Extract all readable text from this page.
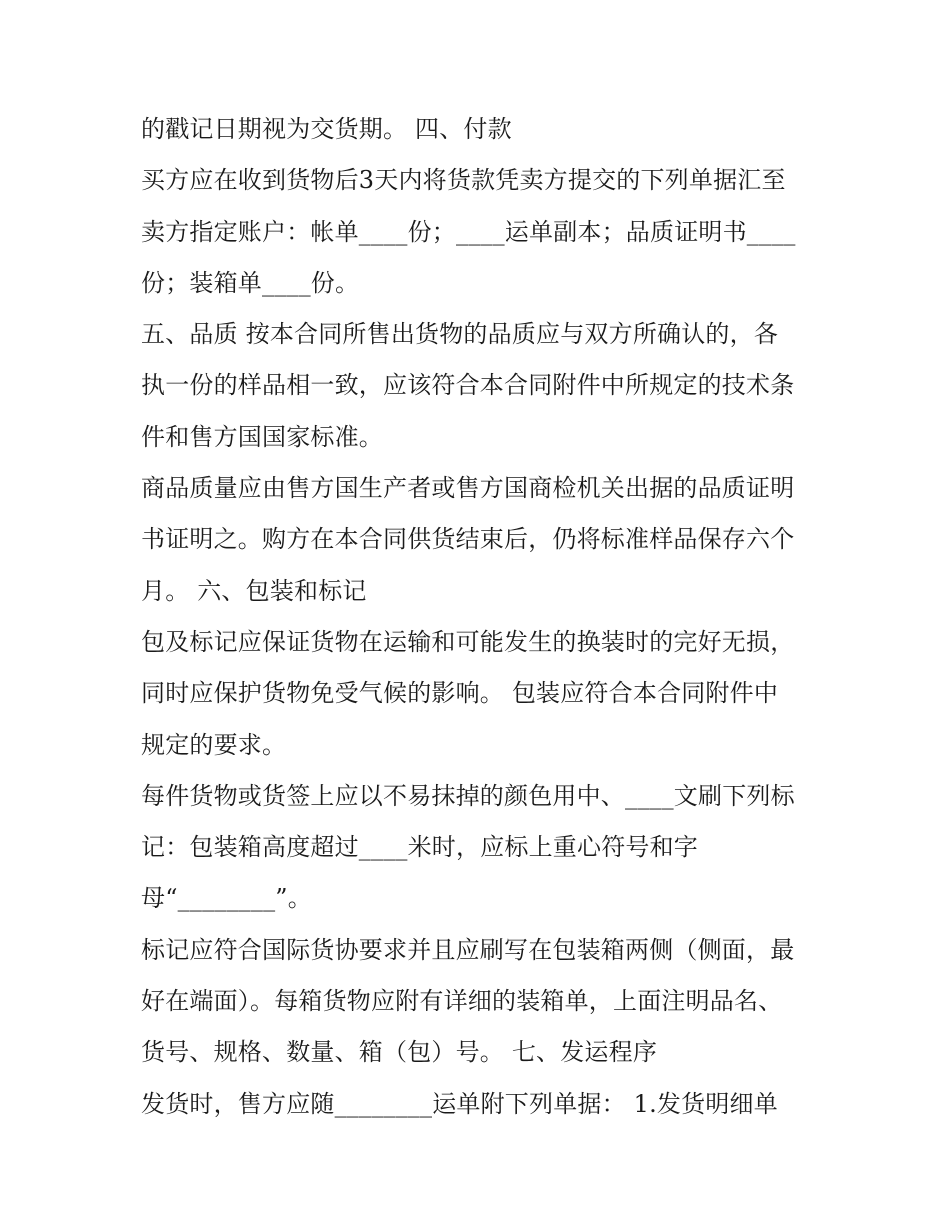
的戳记日期视为交货期。 四、付款
买方应在收到货物后3天内将货款凭卖方提交的下列单据汇至
卖方指定账户：帐单____份；____运单副本；品质证明书____
份；装箱单____份。
五、品质 按本合同所售出货物的品质应与双方所确认的，各
执一份的样品相一致，应该符合本合同附件中所规定的技术条
件和售方国国家标准。
商品质量应由售方国生产者或售方国商检机关出据的品质证明
书证明之。购方在本合同供货结束后，仍将标准样品保存六个
月。 六、包装和标记
包及标记应保证货物在运输和可能发生的换装时的完好无损，
同时应保护货物免受气候的影响。 包装应符合本合同附件中
规定的要求。
每件货物或货签上应以不易抹掉的颜色用中、____文刷下列标
记：包装箱高度超过____米时，应标上重心符号和字
母“________”。
标记应符合国际货协要求并且应刷写在包装箱两侧（侧面，最
好在端面）。每箱货物应附有详细的装箱单，上面注明品名、
货号、规格、数量、箱（包）号。 七、发运程序
发货时，售方应随________运单附下列单据： 1.发货明细单
